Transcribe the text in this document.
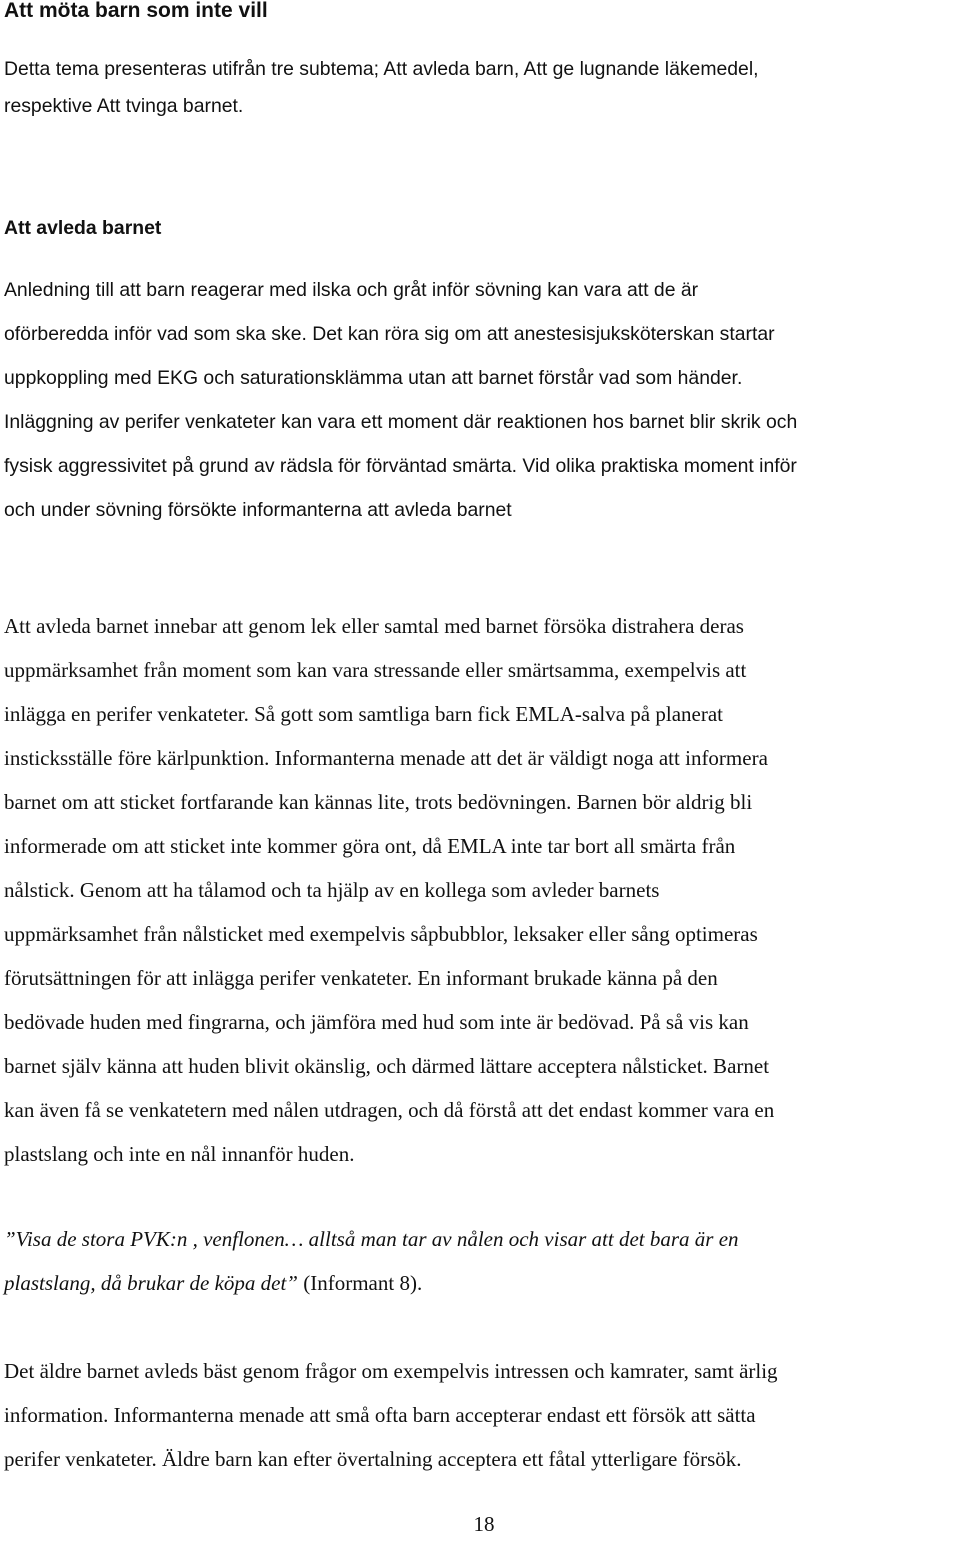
Att möta barn som inte vill

Detta tema presenteras utifrån tre subtema; Att avleda barn, Att ge lugnande läkemedel,
respektive Att tvinga barnet.

Att avleda barnet

Anledning till att barn reagerar med ilska och gråt inför sövning kan vara att de är
oförberedda inför vad som ska ske. Det kan röra sig om att anestesisjuksköterskan startar
uppkoppling med EKG och saturationsklämma utan att barnet förstår vad som händer.
Inläggning av perifer venkateter kan vara ett moment där reaktionen hos barnet blir skrik och
fysisk aggressivitet på grund av rädsla för förväntad smärta. Vid olika praktiska moment inför
och under sövning försökte informanterna att avleda barnet

Att avleda barnet innebar att genom lek eller samtal med barnet försöka distrahera deras
uppmärksamhet från moment som kan vara stressande eller smärtsamma, exempelvis att
inlägga en perifer venkateter. Så gott som samtliga barn fick EMLA-salva på planerat
insticksställe före kärlpunktion. Informanterna menade att det är väldigt noga att informera
barnet om att sticket fortfarande kan kännas lite, trots bedövningen. Barnen bör aldrig bli
informerade om att sticket inte kommer göra ont, då EMLA inte tar bort all smärta från
nålstick. Genom att ha tålamod och ta hjälp av en kollega som avleder barnets
uppmärksamhet från nålsticket med exempelvis såpbubblor, leksaker eller sång optimeras
förutsättningen för att inlägga perifer venkateter. En informant brukade känna på den
bedövade huden med fingrarna, och jämföra med hud som inte är bedövad. På så vis kan
barnet själv känna att huden blivit okänslig, och därmed lättare acceptera nålsticket. Barnet
kan även få se venkatetern med nålen utdragen, och då förstå att det endast kommer vara en
plastslang och inte en nål innanför huden.

”Visa de stora PVK:n , venflonen… alltså man tar av nålen och visar att det bara är en
plastslang, då brukar de köpa det” (Informant 8).

Det äldre barnet avleds bäst genom frågor om exempelvis intressen och kamrater, samt ärlig
information. Informanterna menade att små ofta barn accepterar endast ett försök att sätta
perifer venkateter. Äldre barn kan efter övertalning acceptera ett fåtal ytterligare försök.

18
